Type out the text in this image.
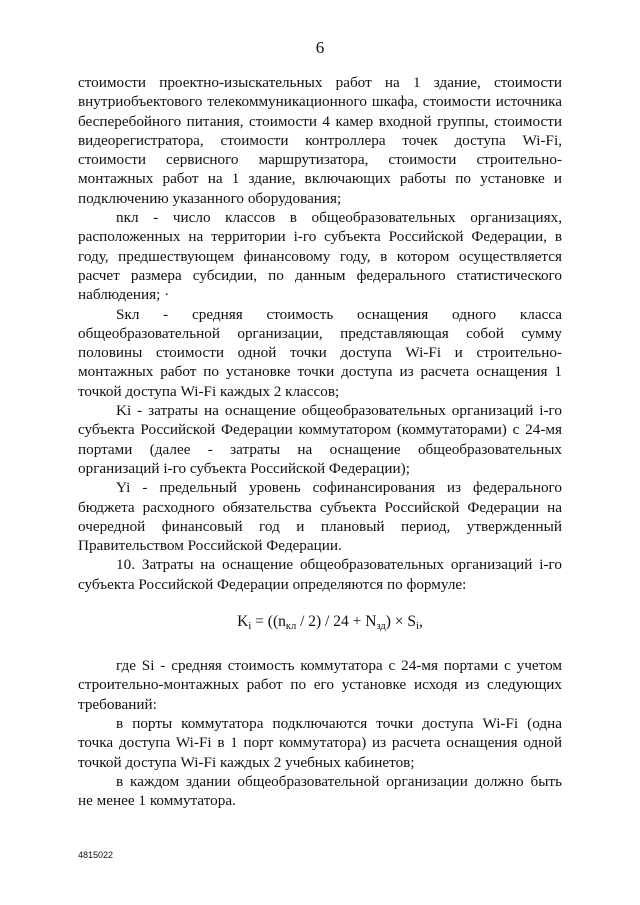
6

стоимости проектно-изыскательных работ на 1 здание, стоимости внутриобъектового телекоммуникационного шкафа, стоимости источника бесперебойного питания, стоимости 4 камер входной группы, стоимости видеорегистратора, стоимости контроллера точек доступа Wi-Fi, стоимости сервисного маршрутизатора, стоимости строительно-монтажных работ на 1 здание, включающих работы по установке и подключению указанного оборудования;

nкл - число классов в общеобразовательных организациях, расположенных на территории i-го субъекта Российской Федерации, в году, предшествующем финансовому году, в котором осуществляется расчет размера субсидии, по данным федерального статистического наблюдения; ·

Sкл - средняя стоимость оснащения одного класса общеобразовательной организации, представляющая собой сумму половины стоимости одной точки доступа Wi-Fi и строительно-монтажных работ по установке точки доступа из расчета оснащения 1 точкой доступа Wi-Fi каждых 2 классов;

Ki - затраты на оснащение общеобразовательных организаций i-го субъекта Российской Федерации коммутатором (коммутаторами) с 24-мя портами (далее - затраты на оснащение общеобразовательных организаций i-го субъекта Российской Федерации);

Yi - предельный уровень софинансирования из федерального бюджета расходного обязательства субъекта Российской Федерации на очередной финансовый год и плановый период, утвержденный Правительством Российской Федерации.

10. Затраты на оснащение общеобразовательных организаций i-го субъекта Российской Федерации определяются по формуле:

$K_i = ((n_{кл} / 2) / 24 + N_{зд}) \times S_i$,

где Si - средняя стоимость коммутатора с 24-мя портами с учетом строительно-монтажных работ по его установке исходя из следующих требований:

в порты коммутатора подключаются точки доступа Wi-Fi (одна точка доступа Wi-Fi в 1 порт коммутатора) из расчета оснащения одной точкой доступа Wi-Fi каждых 2 учебных кабинетов;

в каждом здании общеобразовательной организации должно быть не менее 1 коммутатора.

4815022
